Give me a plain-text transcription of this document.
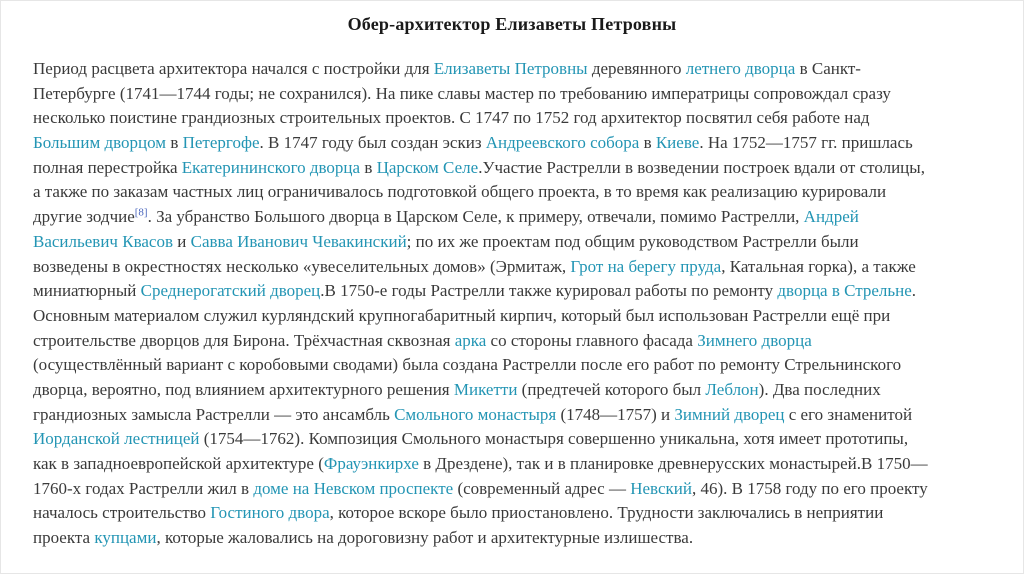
Обер-архитектор Елизаветы Петровны
Период расцвета архитектора начался с постройки для Елизаветы Петровны деревянного летнего дворца в Санкт-
Петербурге (1741—1744 годы; не сохранился). На пике славы мастер по требованию императрицы сопровождал сразу
несколько поистине грандиозных строительных проектов. С 1747 по 1752 год архитектор посвятил себя работе над
Большим дворцом в Петергофе. В 1747 году был создан эскиз Андреевского собора в Киеве. На 1752—1757 гг. пришлась
полная перестройка Екатерининского дворца в Царском Селе.Участие Растрелли в возведении построек вдали от столицы,
а также по заказам частных лиц ограничивалось подготовкой общего проекта, в то время как реализацию курировали
другие зодчие[8]. За убранство Большого дворца в Царском Селе, к примеру, отвечали, помимо Растрелли, Андрей
Васильевич Квасов и Савва Иванович Чевакинский; по их же проектам под общим руководством Растрелли были
возведены в окрестностях несколько «увеселительных домов» (Эрмитаж, Грот на берегу пруда, Катальная горка), а также
миниатюрный Среднерогатский дворец.В 1750-е годы Растрелли также курировал работы по ремонту дворца в Стрельне.
Основным материалом служил курляндский крупногабаритный кирпич, который был использован Растрелли ещё при
строительстве дворцов для Бирона. Трёхчастная сквозная арка со стороны главного фасада Зимнего дворца
(осуществлённый вариант с коробовыми сводами) была создана Растрелли после его работ по ремонту Стрельнинского
дворца, вероятно, под влиянием архитектурного решения Микетти (предтечей которого был Леблон). Два последних
грандиозных замысла Растрелли — это ансамбль Смольного монастыря (1748—1757) и Зимний дворец с его знаменитой
Иорданской лестницей (1754—1762). Композиция Смольного монастыря совершенно уникальна, хотя имеет прототипы,
как в западноевропейской архитектуре (Фрауэнкирхе в Дрездене), так и в планировке древнерусских монастырей.В 1750—
1760-х годах Растрелли жил в доме на Невском проспекте (современный адрес — Невский, 46). В 1758 году по его проекту
началось строительство Гостиного двора, которое вскоре было приостановлено. Трудности заключались в неприятии
проекта купцами, которые жаловались на дороговизну работ и архитектурные излишества.
